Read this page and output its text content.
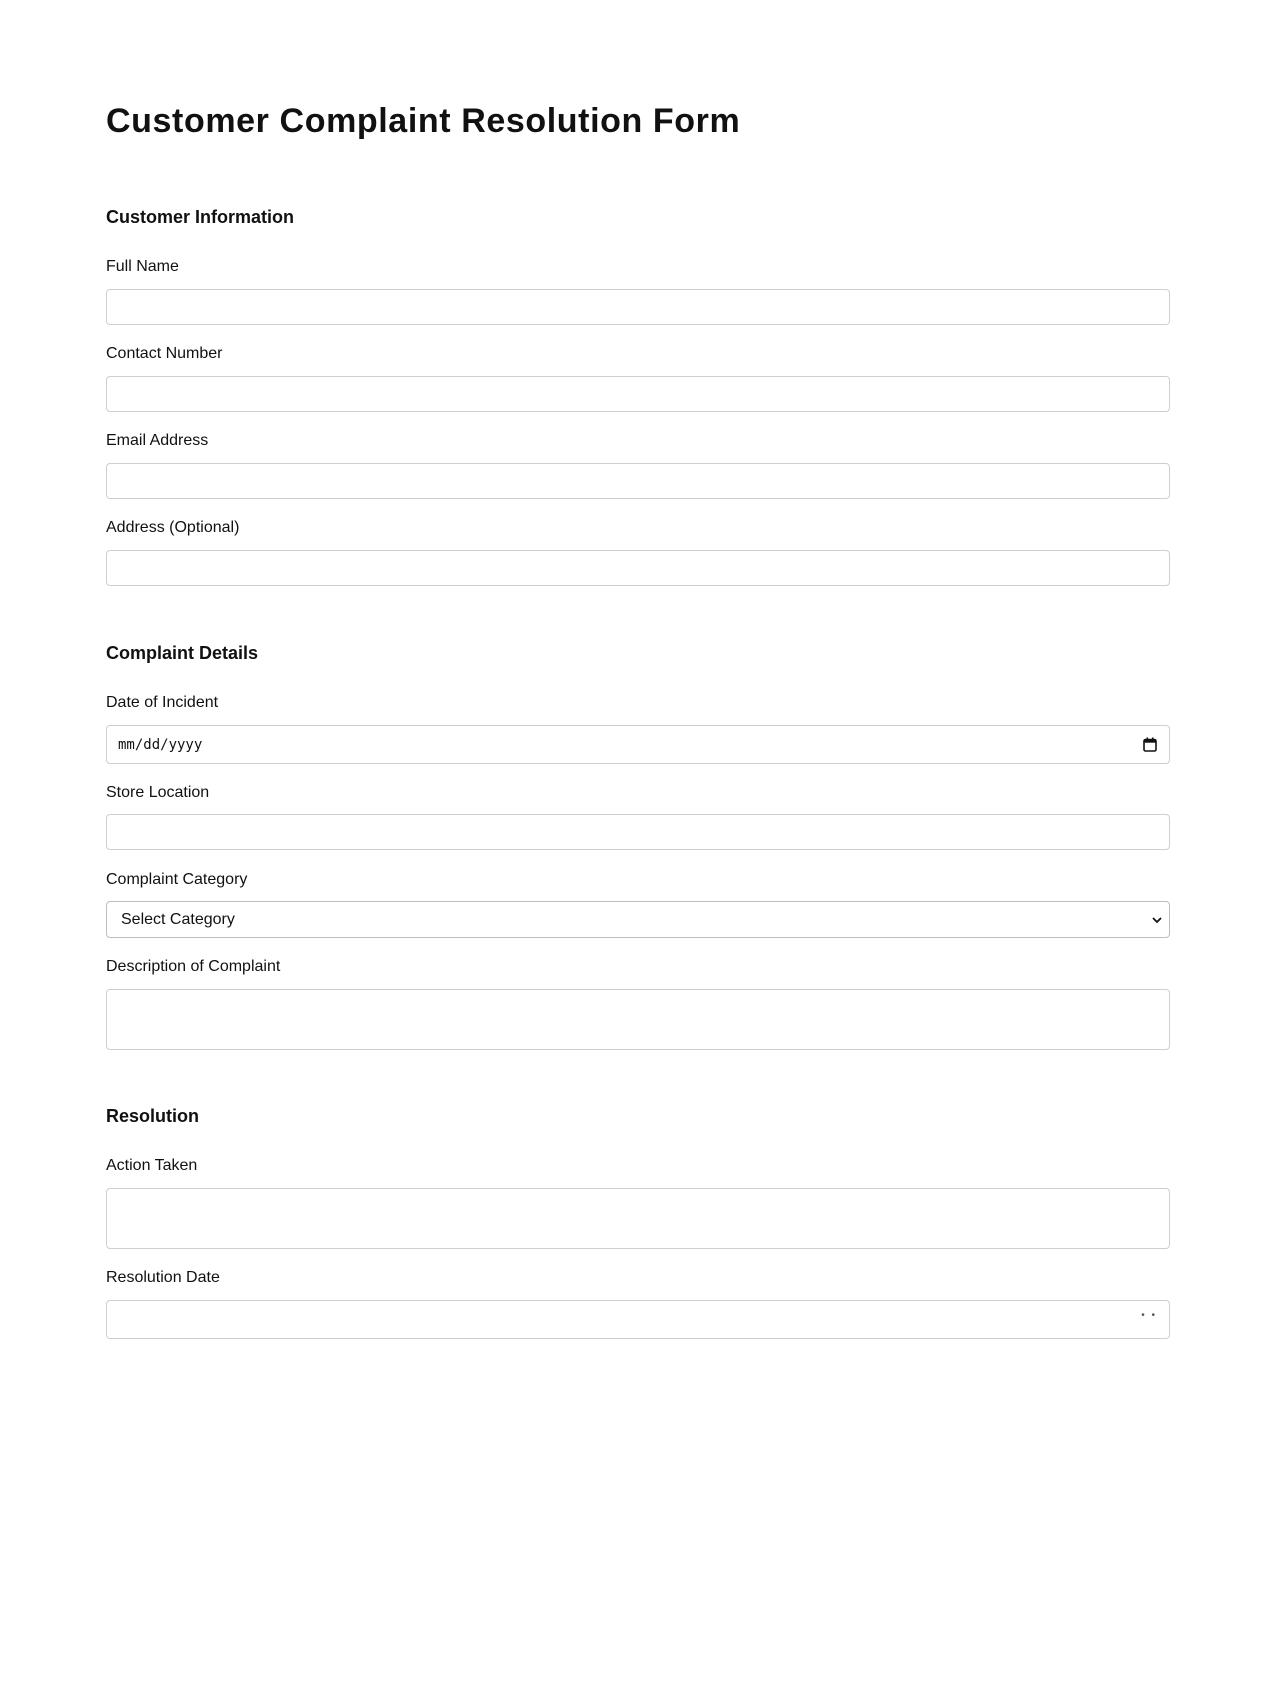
Customer Complaint Resolution Form
Customer Information
Full Name
Contact Number
Email Address
Address (Optional)
Complaint Details
Date of Incident
mm/dd/yyyy
Store Location
Complaint Category
Select Category
Description of Complaint
Resolution
Action Taken
Resolution Date
• •
